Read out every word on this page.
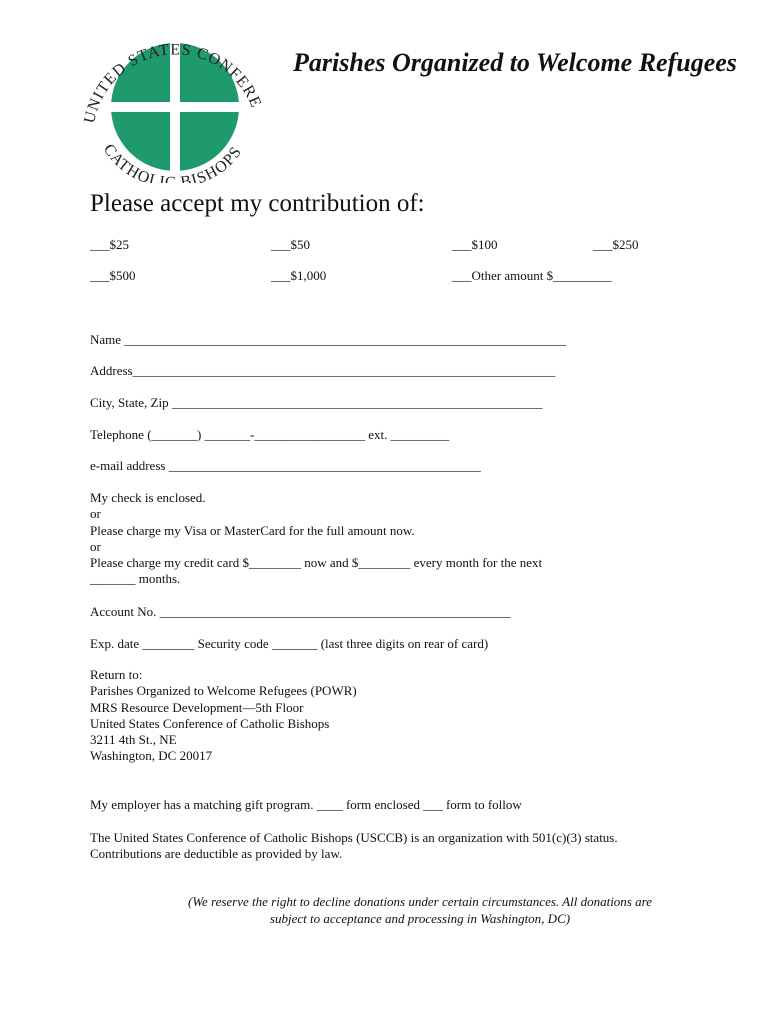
UNITED STATES CONFERE
CATHOLIC BISHOPS
Parishes Organized to Welcome Refugees
Please accept my contribution of:
___$25	___$50	___$100	___$250
___$500	___$1,000	___Other amount $_________
Name ____________________________________________________________________
Address_________________________________________________________________
City, State, Zip _________________________________________________________
Telephone (_______) _______-_________________ ext. _________
e-mail address ________________________________________________
My check is enclosed.
or
Please charge my Visa or MasterCard for the full amount now.
or
Please charge my credit card $________ now and $________ every month for the next
_______ months.
Account No. ______________________________________________________
Exp. date ________ Security code _______ (last three digits on rear of card)
Return to:
Parishes Organized to Welcome Refugees (POWR)
MRS Resource Development—5th Floor
United States Conference of Catholic Bishops
3211 4th St., NE
Washington, DC 20017
My employer has a matching gift program. ____ form enclosed ___ form to follow
The United States Conference of Catholic Bishops (USCCB) is an organization with 501(c)(3) status.
Contributions are deductible as provided by law.
(We reserve the right to decline donations under certain circumstances. All donations are
subject to acceptance and processing in Washington, DC)
